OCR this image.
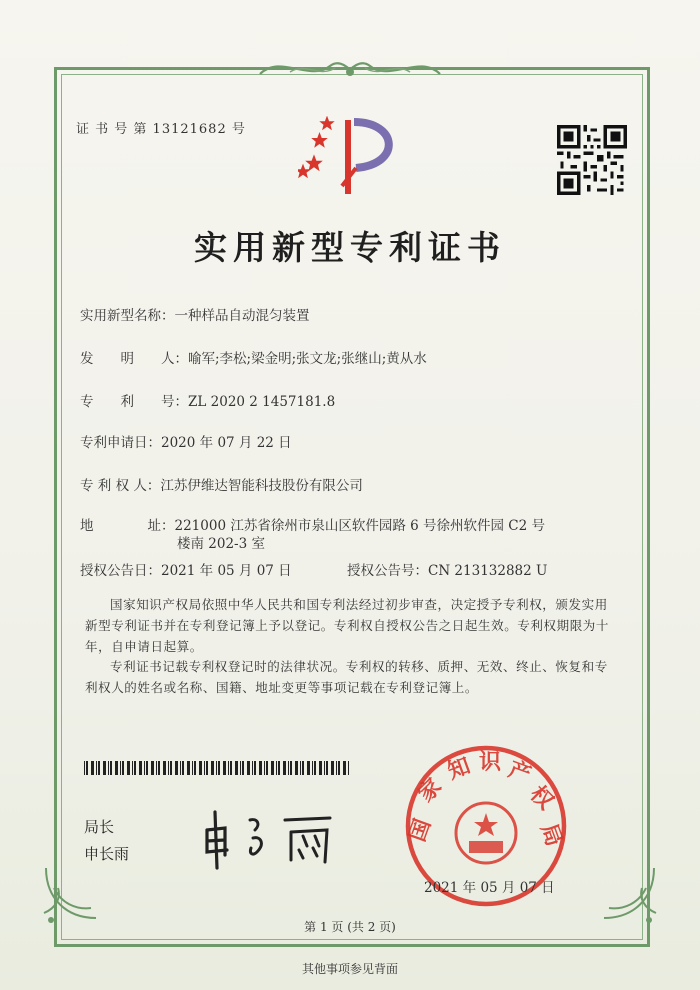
证 书 号 第 13121682 号
实用新型专利证书
实用新型名称：一种样品自动混匀装置
发　　明　　人：喻军;李松;梁金明;张文龙;张继山;黄从水
专　　利　　号：ZL 2020 2 1457181.8
专利申请日：2020 年 07 月 22 日
专 利 权 人：江苏伊维达智能科技股份有限公司
地　　　　址：221000 江苏省徐州市泉山区软件园路 6 号徐州软件园 C2 号
楼南 202-3 室
授权公告日：2021 年 05 月 07 日	授权公告号：CN 213132882 U
国家知识产权局依照中华人民共和国专利法经过初步审查，决定授予专利权，颁发实用新型专利证书并在专利登记簿上予以登记。专利权自授权公告之日起生效。专利权期限为十年，自申请日起算。
专利证书记载专利权登记时的法律状况。专利权的转移、质押、无效、终止、恢复和专利权人的姓名或名称、国籍、地址变更等事项记载在专利登记簿上。
局长
申长雨
国
家
知 识 产
权
局
2021 年 05 月 07 日
第 1 页 (共 2 页)
其他事项参见背面
